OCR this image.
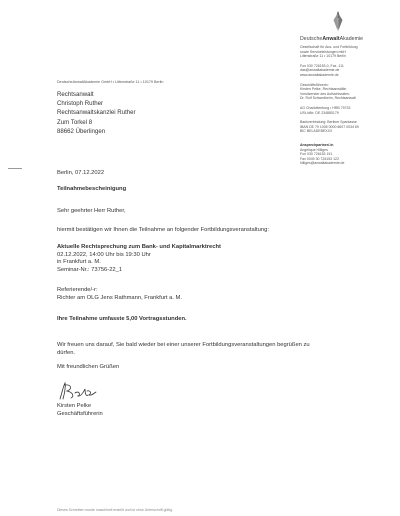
DeutscheAnwaltAkademie
Gesellschaft für Aus- und Fortbildung
sowie Serviceleistungen mbH
Littenstraße 11 • 10179 Berlin
Fon 030 726153-0, Fax -111
das@anwaltakademie.de
www.anwaltakademie.de
Geschäftsführerin:
Kirsten Pelke, Rechtsanwältin
Vorsitzender des Aufsichtsrates:
Dr. Rolf Schwedhelm, Rechtsanwalt
AG Charlottenburg • HRB 79733
USt-IdNr. DE 234880179
Bankverbindung: Berliner Sparkasse
IBAN DE 79 1005 0000 6607 0034 69
BIC BELADEBEXXX
Ansprechpartner/-in
Angelique Hilliges
Fon 030 726153 191
Fax 0049 30 726153 122
hilliges@anwaltakademie.de
DeutscheAnwaltAkademie GmbH • Littenstraße 11 • 10179 Berlin
Rechtsanwalt
Christoph Ruther
Rechtsanwaltskanzlei Ruther
Zum Torkel 8
88662 Überlingen
Berlin, 07.12.2022
Teilnahmebescheinigung
Sehr geehrter Herr Ruther,
hiermit bestätigen wir Ihnen die Teilnahme an folgender Fortbildungsveranstaltung:
Aktuelle Rechtsprechung zum Bank- und Kapitalmarktrecht
02.12.2022, 14:00 Uhr bis 19:30 Uhr
in Frankfurt a. M.
Seminar-Nr.: 73756-22_1
Referierende/-r:
Richter am OLG Jens Rathmann, Frankfurt a. M.
Ihre Teilnahme umfasste 5,00 Vortragsstunden.
Wir freuen uns darauf, Sie bald wieder bei einer unserer Fortbildungsveranstaltungen begrüßen zu dürfen.
Mit freundlichen Grüßen
Kirsten Pelke
Geschäftsführerin
Dieses Schreiben wurde maschinell erstellt und ist ohne Unterschrift gültig.
